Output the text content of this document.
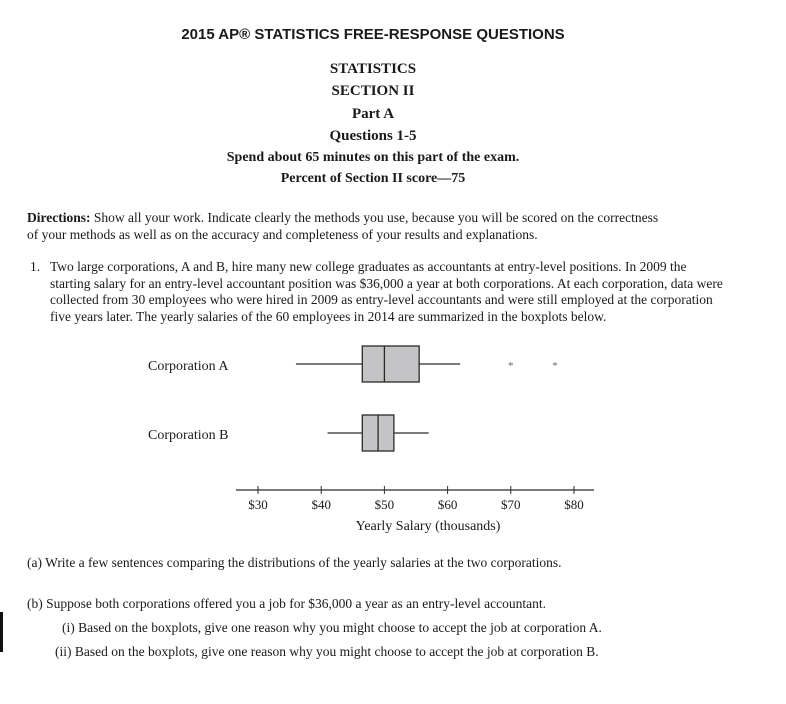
2015 AP® STATISTICS FREE-RESPONSE QUESTIONS
STATISTICS
SECTION II
Part A
Questions 1-5
Spend about 65 minutes on this part of the exam.
Percent of Section II score—75
Directions: Show all your work. Indicate clearly the methods you use, because you will be scored on the correctness of your methods as well as on the accuracy and completeness of your results and explanations.
1. Two large corporations, A and B, hire many new college graduates as accountants at entry-level positions. In 2009 the starting salary for an entry-level accountant position was $36,000 a year at both corporations. At each corporation, data were collected from 30 employees who were hired in 2009 as entry-level accountants and were still employed at the corporation five years later. The yearly salaries of the 60 employees in 2014 are summarized in the boxplots below.
Corporation A
Corporation B
*	*
$30	$40	$50	$60	$70	$80
Yearly Salary (thousands)
(a) Write a few sentences comparing the distributions of the yearly salaries at the two corporations.
(b) Suppose both corporations offered you a job for $36,000 a year as an entry-level accountant.
(i) Based on the boxplots, give one reason why you might choose to accept the job at corporation A.
(ii) Based on the boxplots, give one reason why you might choose to accept the job at corporation B.
